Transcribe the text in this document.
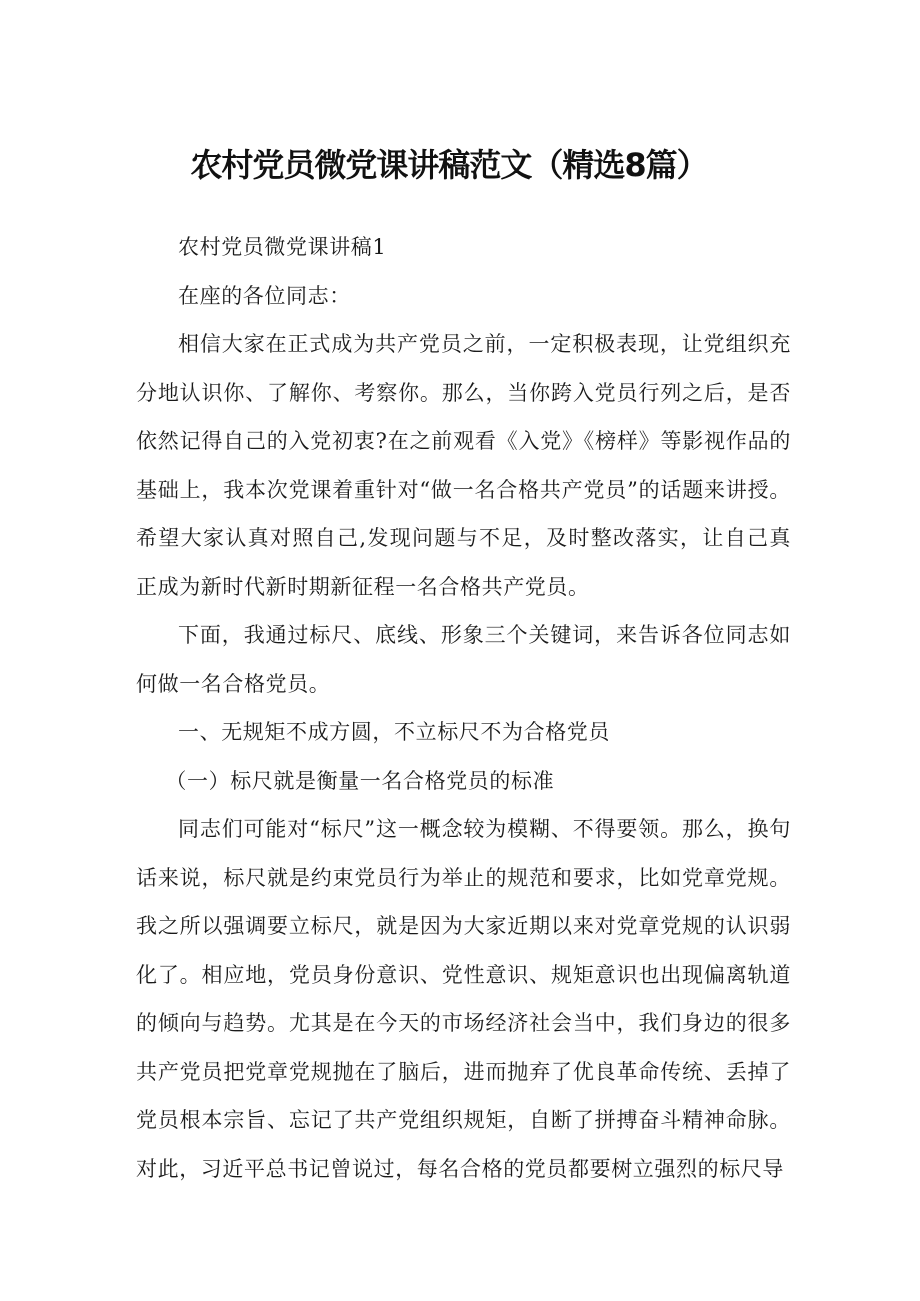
农村党员微党课讲稿范文（精选8篇）

农村党员微党课讲稿1

在座的各位同志：

相信大家在正式成为共产党员之前，一定积极表现，让党组织充分地认识你、了解你、考察你。那么，当你跨入党员行列之后，是否依然记得自己的入党初衷?在之前观看《入党》《榜样》等影视作品的基础上，我本次党课着重针对“做一名合格共产党员”的话题来讲授。希望大家认真对照自己,发现问题与不足，及时整改落实，让自己真正成为新时代新时期新征程一名合格共产党员。

下面，我通过标尺、底线、形象三个关键词，来告诉各位同志如何做一名合格党员。

一、无规矩不成方圆，不立标尺不为合格党员

（一）标尺就是衡量一名合格党员的标准

同志们可能对“标尺”这一概念较为模糊、不得要领。那么，换句话来说，标尺就是约束党员行为举止的规范和要求，比如党章党规。我之所以强调要立标尺，就是因为大家近期以来对党章党规的认识弱化了。相应地，党员身份意识、党性意识、规矩意识也出现偏离轨道的倾向与趋势。尤其是在今天的市场经济社会当中，我们身边的很多共产党员把党章党规抛在了脑后，进而抛弃了优良革命传统、丢掉了党员根本宗旨、忘记了共产党组织规矩，自断了拼搏奋斗精神命脉。对此，习近平总书记曾说过，每名合格的党员都要树立强烈的标尺导
